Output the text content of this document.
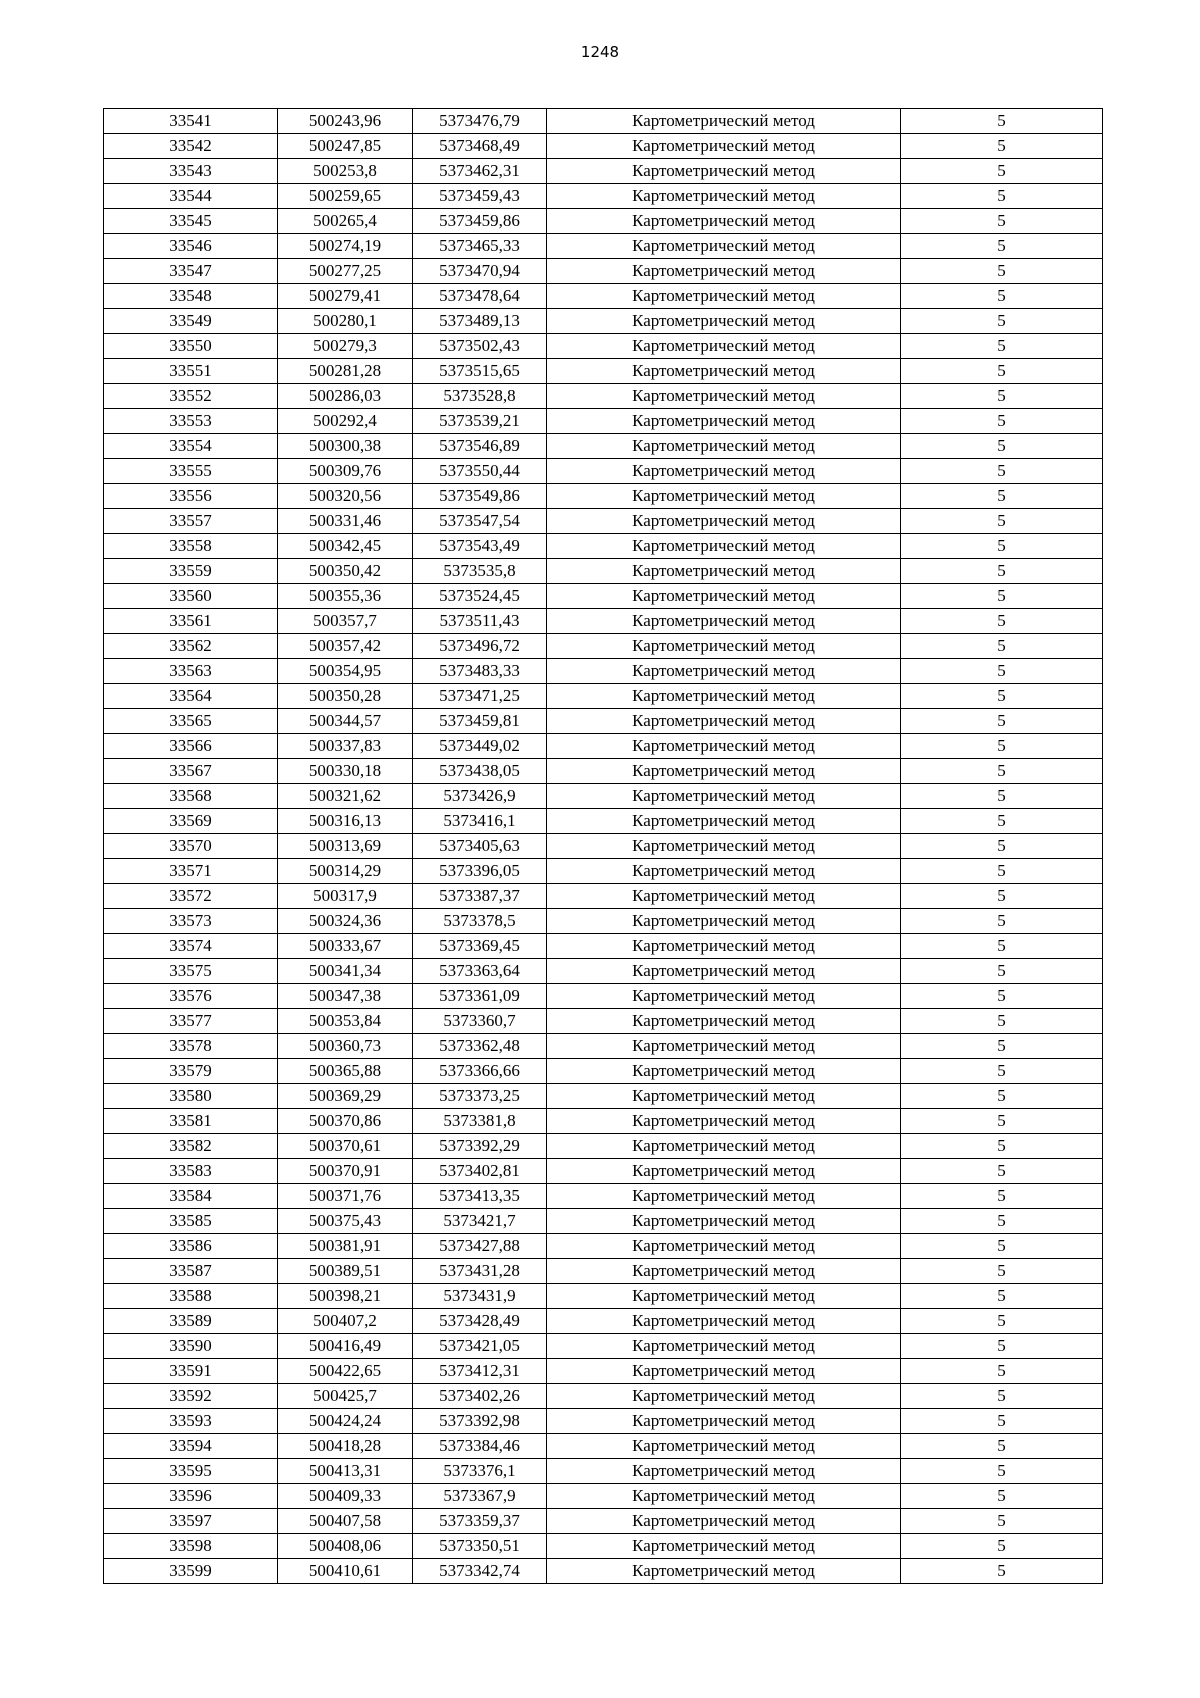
1248
33541	500243,96	5373476,79	Картометрический метод	5
33542	500247,85	5373468,49	Картометрический метод	5
33543	500253,8	5373462,31	Картометрический метод	5
33544	500259,65	5373459,43	Картометрический метод	5
33545	500265,4	5373459,86	Картометрический метод	5
33546	500274,19	5373465,33	Картометрический метод	5
33547	500277,25	5373470,94	Картометрический метод	5
33548	500279,41	5373478,64	Картометрический метод	5
33549	500280,1	5373489,13	Картометрический метод	5
33550	500279,3	5373502,43	Картометрический метод	5
33551	500281,28	5373515,65	Картометрический метод	5
33552	500286,03	5373528,8	Картометрический метод	5
33553	500292,4	5373539,21	Картометрический метод	5
33554	500300,38	5373546,89	Картометрический метод	5
33555	500309,76	5373550,44	Картометрический метод	5
33556	500320,56	5373549,86	Картометрический метод	5
33557	500331,46	5373547,54	Картометрический метод	5
33558	500342,45	5373543,49	Картометрический метод	5
33559	500350,42	5373535,8	Картометрический метод	5
33560	500355,36	5373524,45	Картометрический метод	5
33561	500357,7	5373511,43	Картометрический метод	5
33562	500357,42	5373496,72	Картометрический метод	5
33563	500354,95	5373483,33	Картометрический метод	5
33564	500350,28	5373471,25	Картометрический метод	5
33565	500344,57	5373459,81	Картометрический метод	5
33566	500337,83	5373449,02	Картометрический метод	5
33567	500330,18	5373438,05	Картометрический метод	5
33568	500321,62	5373426,9	Картометрический метод	5
33569	500316,13	5373416,1	Картометрический метод	5
33570	500313,69	5373405,63	Картометрический метод	5
33571	500314,29	5373396,05	Картометрический метод	5
33572	500317,9	5373387,37	Картометрический метод	5
33573	500324,36	5373378,5	Картометрический метод	5
33574	500333,67	5373369,45	Картометрический метод	5
33575	500341,34	5373363,64	Картометрический метод	5
33576	500347,38	5373361,09	Картометрический метод	5
33577	500353,84	5373360,7	Картометрический метод	5
33578	500360,73	5373362,48	Картометрический метод	5
33579	500365,88	5373366,66	Картометрический метод	5
33580	500369,29	5373373,25	Картометрический метод	5
33581	500370,86	5373381,8	Картометрический метод	5
33582	500370,61	5373392,29	Картометрический метод	5
33583	500370,91	5373402,81	Картометрический метод	5
33584	500371,76	5373413,35	Картометрический метод	5
33585	500375,43	5373421,7	Картометрический метод	5
33586	500381,91	5373427,88	Картометрический метод	5
33587	500389,51	5373431,28	Картометрический метод	5
33588	500398,21	5373431,9	Картометрический метод	5
33589	500407,2	5373428,49	Картометрический метод	5
33590	500416,49	5373421,05	Картометрический метод	5
33591	500422,65	5373412,31	Картометрический метод	5
33592	500425,7	5373402,26	Картометрический метод	5
33593	500424,24	5373392,98	Картометрический метод	5
33594	500418,28	5373384,46	Картометрический метод	5
33595	500413,31	5373376,1	Картометрический метод	5
33596	500409,33	5373367,9	Картометрический метод	5
33597	500407,58	5373359,37	Картометрический метод	5
33598	500408,06	5373350,51	Картометрический метод	5
33599	500410,61	5373342,74	Картометрический метод	5
